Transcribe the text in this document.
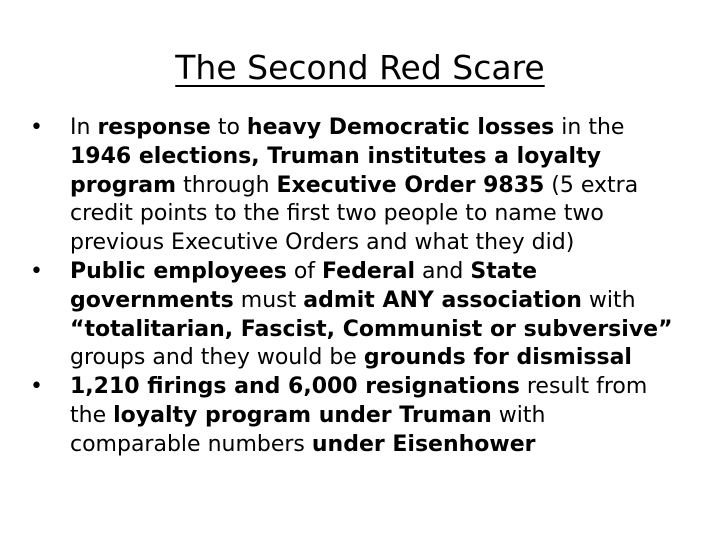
The Second Red Scare
•	In response to heavy Democratic losses in the 1946 elections, Truman institutes a loyalty program through Executive Order 9835 (5 extra credit points to the first two people to name two previous Executive Orders and what they did)
•	Public employees of Federal and State governments must admit ANY association with “totalitarian, Fascist, Communist or subversive” groups and they would be grounds for dismissal
•	1,210 firings and 6,000 resignations result from the loyalty program under Truman with comparable numbers under Eisenhower
